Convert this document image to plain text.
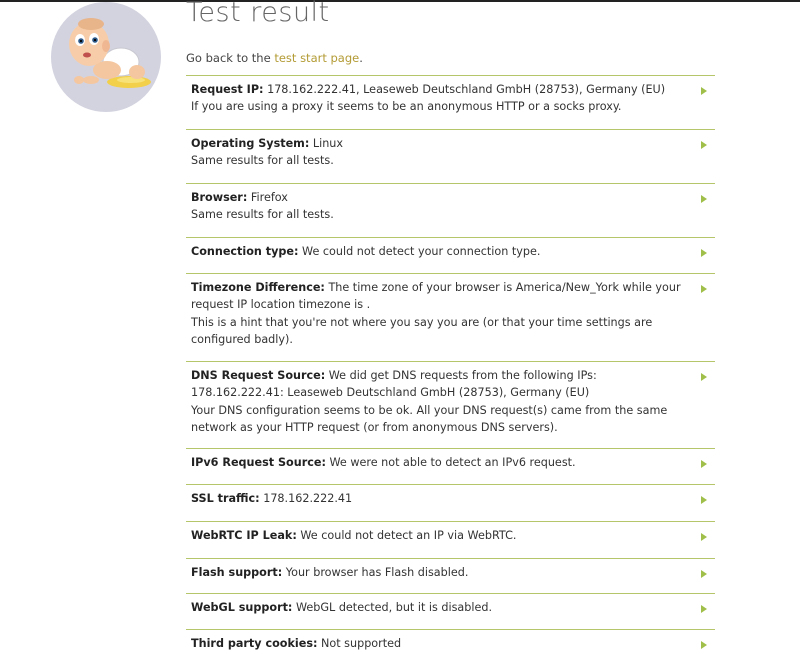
Test result
Go back to the test start page.
Request IP: 178.162.222.41, Leaseweb Deutschland GmbH (28753), Germany (EU)
If you are using a proxy it seems to be an anonymous HTTP or a socks proxy.
Operating System: Linux
Same results for all tests.
Browser: Firefox
Same results for all tests.
Connection type: We could not detect your connection type.
Timezone Difference: The time zone of your browser is America/New_York while your request IP location timezone is .
This is a hint that you're not where you say you are (or that your time settings are configured badly).
DNS Request Source: We did get DNS requests from the following IPs:
178.162.222.41: Leaseweb Deutschland GmbH (28753), Germany (EU)
Your DNS configuration seems to be ok. All your DNS request(s) came from the same network as your HTTP request (or from anonymous DNS servers).
IPv6 Request Source: We were not able to detect an IPv6 request.
SSL traffic: 178.162.222.41
WebRTC IP Leak: We could not detect an IP via WebRTC.
Flash support: Your browser has Flash disabled.
WebGL support: WebGL detected, but it is disabled.
Third party cookies: Not supported
